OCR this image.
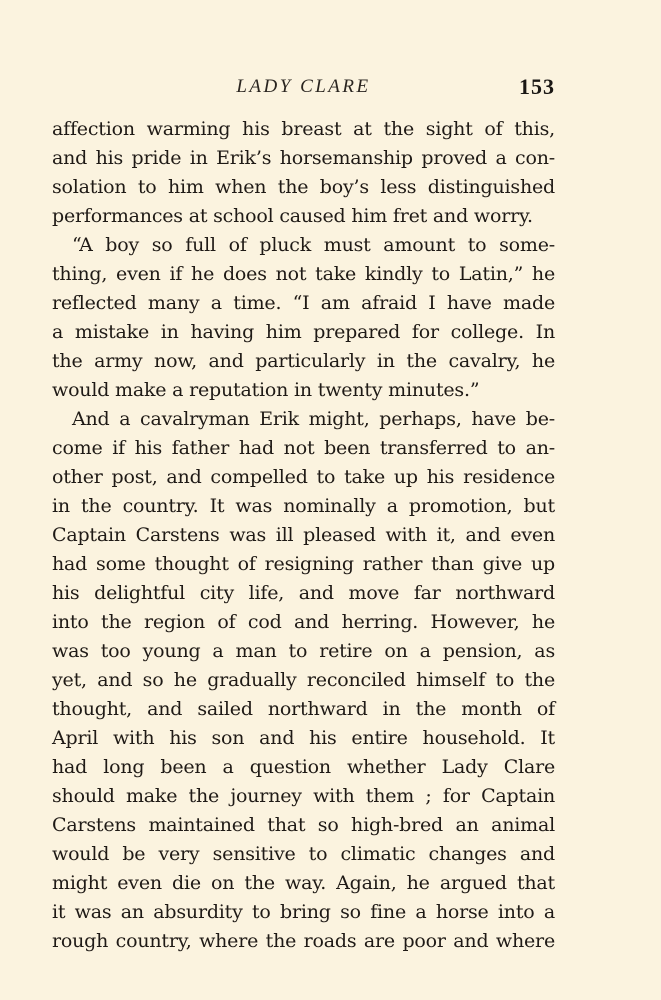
LADY CLARE	153
affection warming his breast at the sight of this,
and his pride in Erik’s horsemanship proved a con-
solation to him when the boy’s less distinguished
performances at school caused him fret and worry.
“A boy so full of pluck must amount to some-
thing, even if he does not take kindly to Latin,” he
reflected many a time. “I am afraid I have made
a mistake in having him prepared for college. In
the army now, and particularly in the cavalry, he
would make a reputation in twenty minutes.”
And a cavalryman Erik might, perhaps, have be-
come if his father had not been transferred to an-
other post, and compelled to take up his residence
in the country. It was nominally a promotion, but
Captain Carstens was ill pleased with it, and even
had some thought of resigning rather than give up
his delightful city life, and move far northward
into the region of cod and herring. However, he
was too young a man to retire on a pension, as
yet, and so he gradually reconciled himself to the
thought, and sailed northward in the month of
April with his son and his entire household. It
had long been a question whether Lady Clare
should make the journey with them ; for Captain
Carstens maintained that so high-bred an animal
would be very sensitive to climatic changes and
might even die on the way. Again, he argued that
it was an absurdity to bring so fine a horse into a
rough country, where the roads are poor and where
